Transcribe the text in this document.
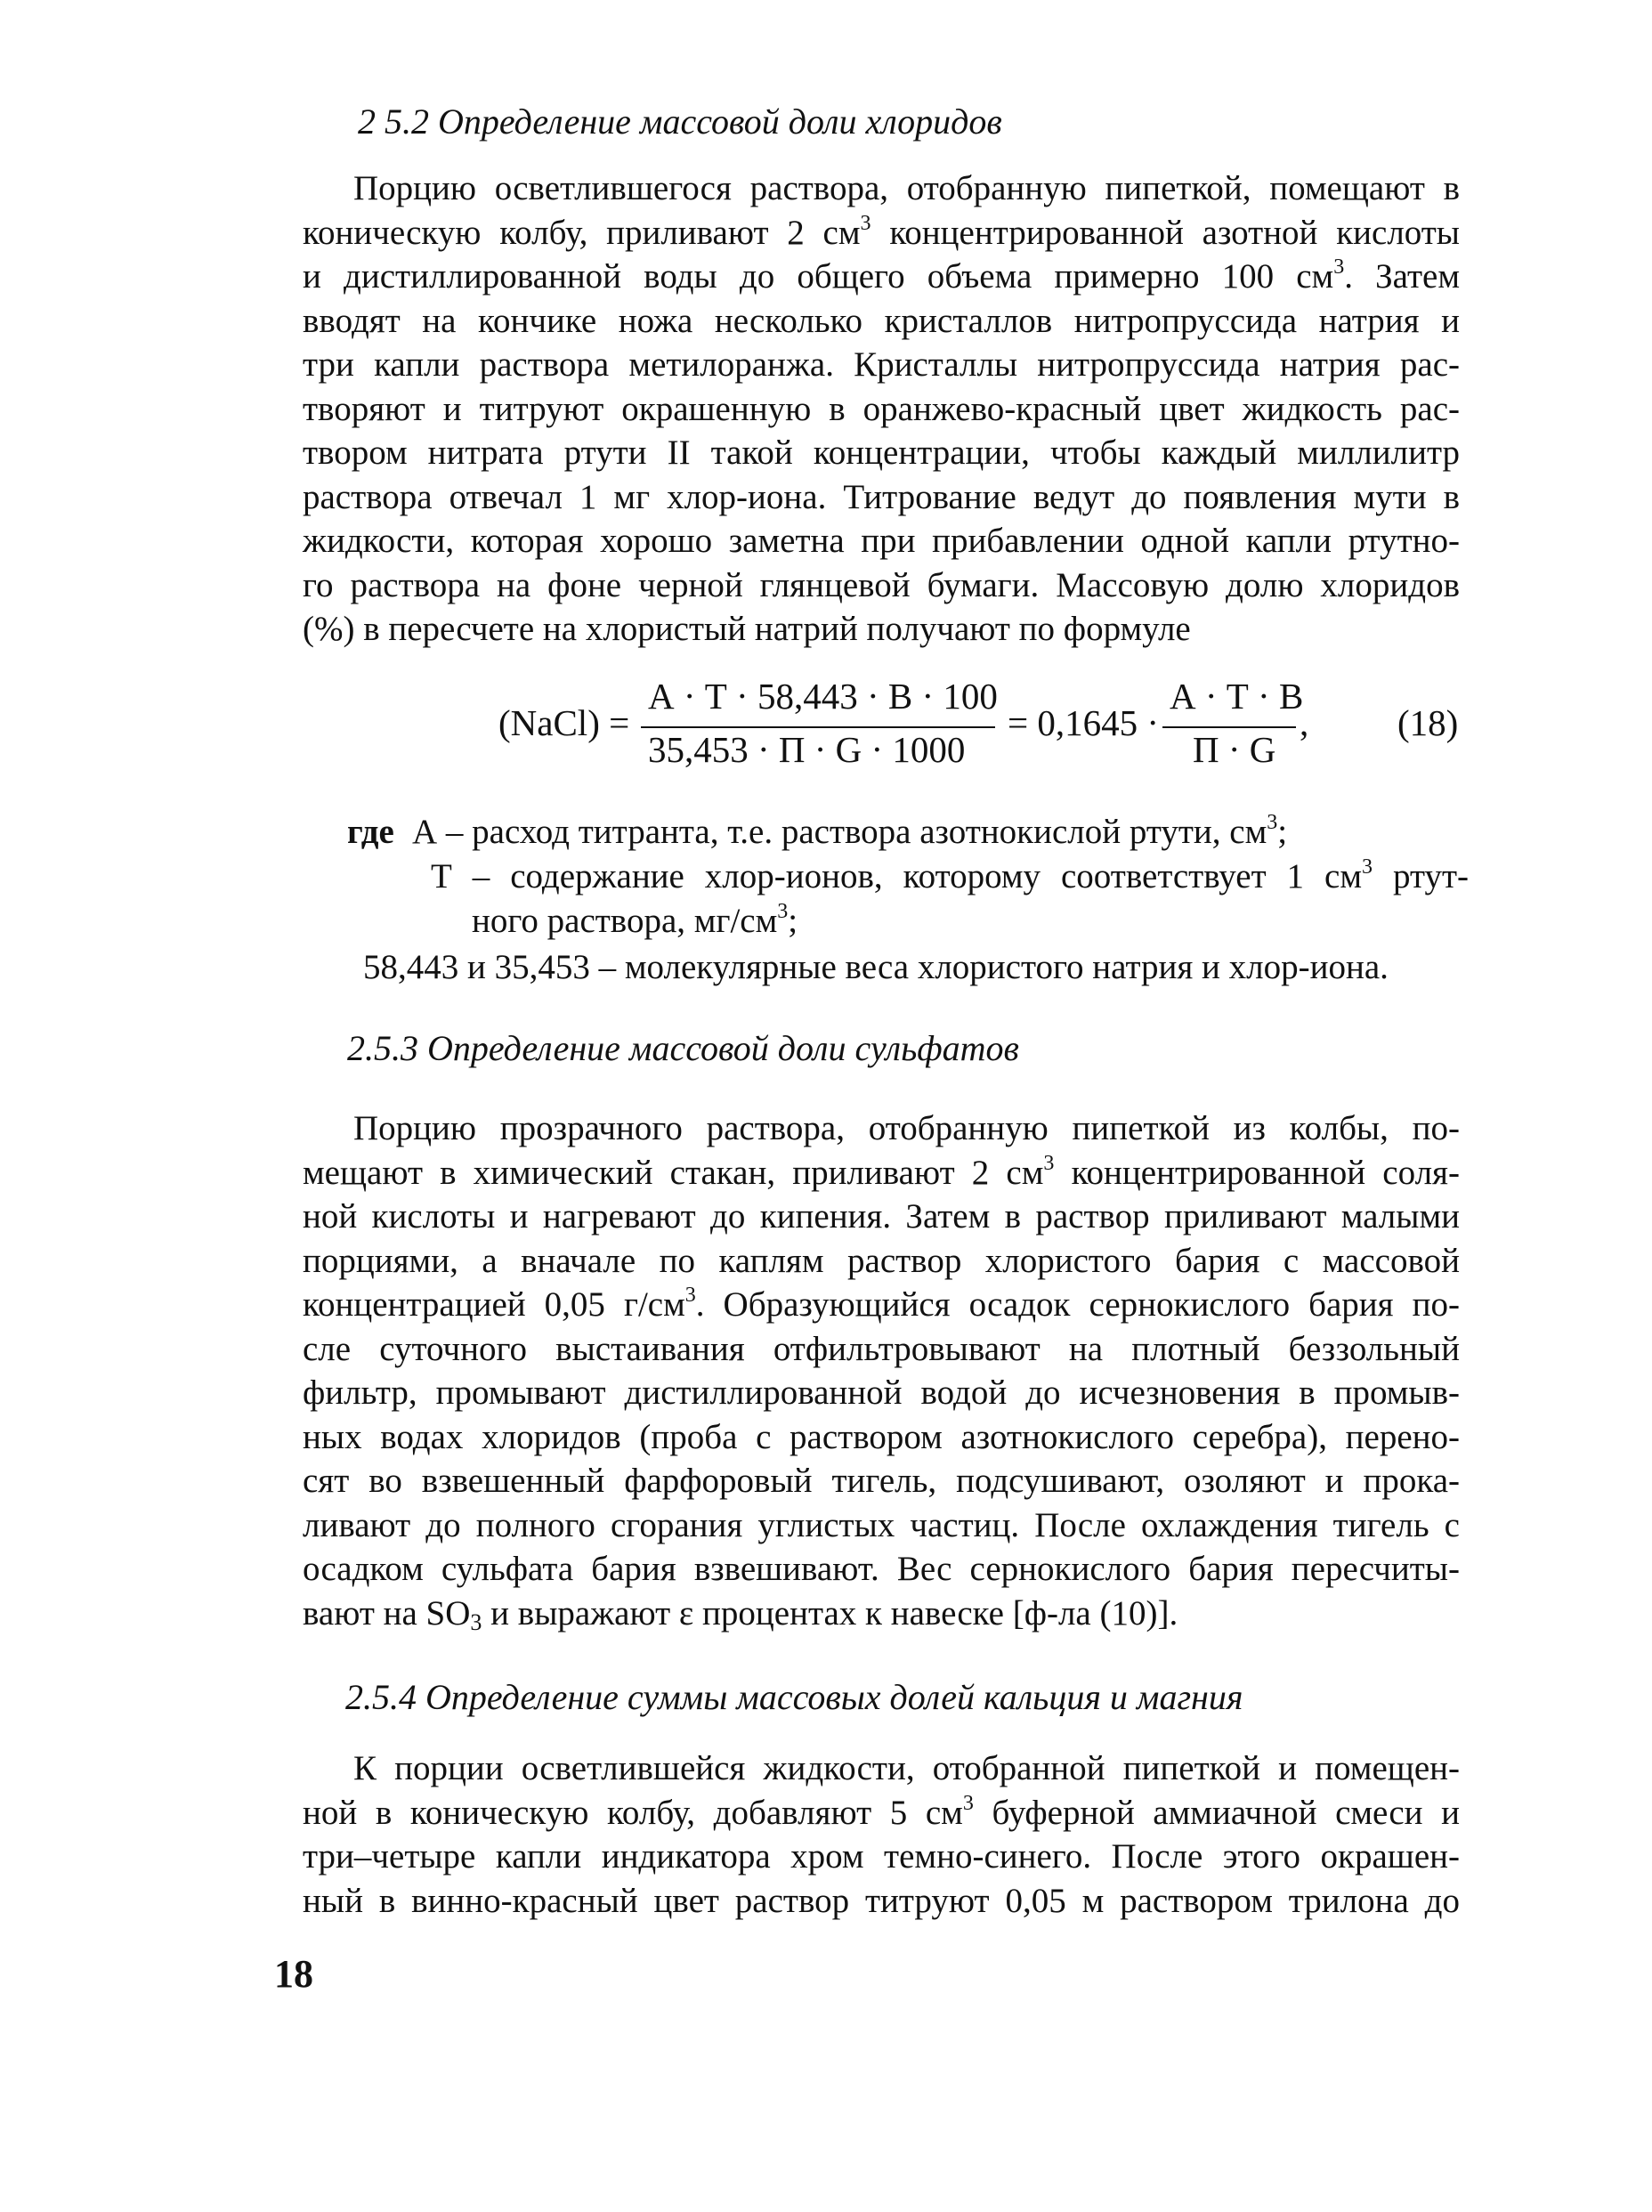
2 5.2 Определение массовой доли хлоридов
Порцию осветлившегося раствора, отобранную пипеткой, помещают в
коническую колбу, приливают 2 $см^3$ концентрированной азотной кислоты
и дистиллированной воды до общего объема примерно 100 $см^3$. Затем
вводят на кончике ножа несколько кристаллов нитропруссида натрия и
три капли раствора метилоранжа. Кристаллы нитропруссида натрия рас-
творяют и титруют окрашенную в оранжево-красный цвет жидкость рас-
твором нитрата ртути II такой концентрации, чтобы каждый миллилитр
раствора отвечал 1 мг хлор-иона. Титрование ведут до появления мути в
жидкости, которая хорошо заметна при прибавлении одной капли ртутно-
го раствора на фоне черной глянцевой бумаги. Массовую долю хлоридов
(%) в пересчете на хлористый натрий получают по формуле
(NaCl) =
А · Т · 58,443 · В · 100
35,453 · П · G · 1000
= 0,1645 ·
А · Т · В
П · G
, (18)
где А – расход титранта, т.е. раствора азотнокислой ртути, $см^3$;
Т – содержание хлор-ионов, которому соответствует 1 $см^3$ ртут-
ного раствора, $мг/см^3$;
58,443 и 35,453 – молекулярные веса хлористого натрия и хлор-иона.
2.5.3 Определение массовой доли сульфатов
Порцию прозрачного раствора, отобранную пипеткой из колбы, по-
мещают в химический стакан, приливают 2 $см^3$ концентрированной соля-
ной кислоты и нагревают до кипения. Затем в раствор приливают малыми
порциями, а вначале по каплям раствор хлористого бария с массовой
концентрацией 0,05 $г/см^3$. Образующийся осадок сернокислого бария по-
сле суточного выстаивания отфильтровывают на плотный беззольный
фильтр, промывают дистиллированной водой до исчезновения в промыв-
ных водах хлоридов (проба с раствором азотнокислого серебра), перено-
сят во взвешенный фарфоровый тигель, подсушивают, озоляют и прока-
ливают до полного сгорания углистых частиц. После охлаждения тигель с
осадком сульфата бария взвешивают. Вес сернокислого бария пересчиты-
вают на $SO_3$ и выражают ɛ процентах к навеске [ф-ла (10)].
2.5.4 Определение суммы массовых долей кальция и магния
К порции осветлившейся жидкости, отобранной пипеткой и помещен-
ной в коническую колбу, добавляют 5 $см^3$ буферной аммиачной смеси и
три–четыре капли индикатора хром темно-синего. После этого окрашен-
ный в винно-красный цвет раствор титруют 0,05 м раствором трилона до
18
